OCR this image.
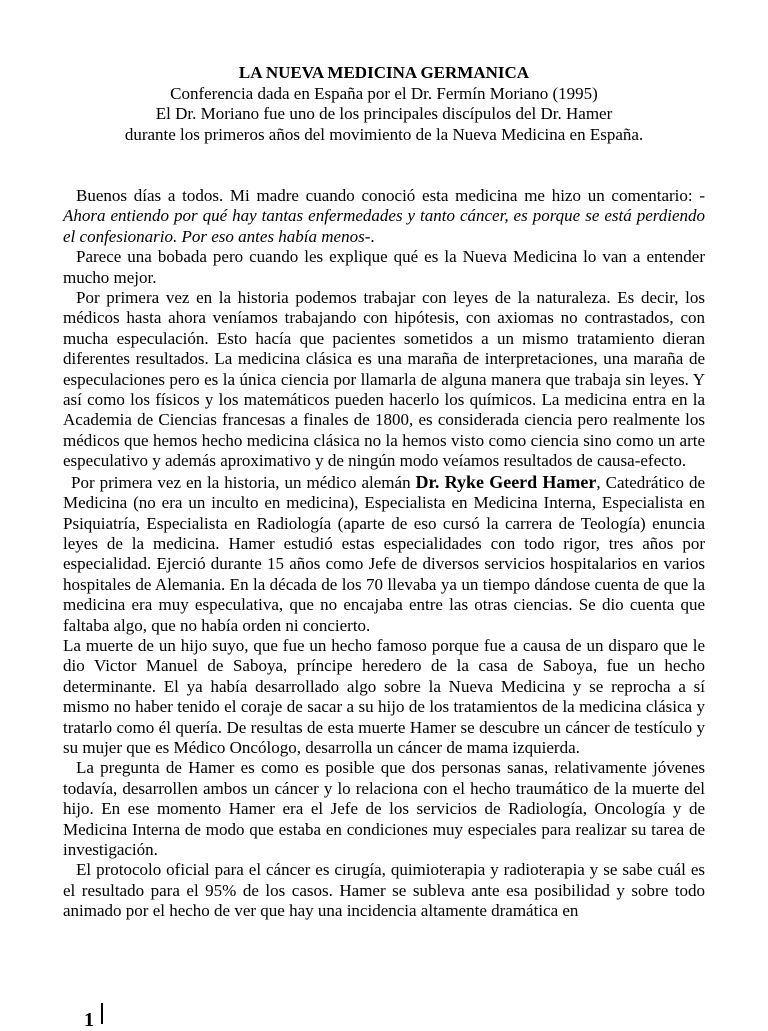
LA NUEVA MEDICINA GERMANICA
Conferencia dada en España por el Dr. Fermín Moriano (1995)
El Dr. Moriano fue uno de los principales discípulos del Dr. Hamer
durante los primeros años del movimiento de la Nueva Medicina en España.

Buenos días a todos. Mi madre cuando conoció esta medicina me hizo un comentario: -Ahora entiendo por qué hay tantas enfermedades y tanto cáncer, es porque se está perdiendo el confesionario. Por eso antes había menos-.

Parece una bobada pero cuando les explique qué es la Nueva Medicina lo van a entender mucho mejor.

Por primera vez en la historia podemos trabajar con leyes de la naturaleza. Es decir, los médicos hasta ahora veníamos trabajando con hipótesis, con axiomas no contrastados, con mucha especulación. Esto hacía que pacientes sometidos a un mismo tratamiento dieran diferentes resultados. La medicina clásica es una maraña de interpretaciones, una maraña de especulaciones pero es la única ciencia por llamarla de alguna manera que trabaja sin leyes. Y así como los físicos y los matemáticos pueden hacerlo los químicos. La medicina entra en la Academia de Ciencias francesas a finales de 1800, es considerada ciencia pero realmente los médicos que hemos hecho medicina clásica no la hemos visto como ciencia sino como un arte especulativo y además aproximativo y de ningún modo veíamos resultados de causa-efecto.

Por primera vez en la historia, un médico alemán Dr. Ryke Geerd Hamer, Catedrático de Medicina (no era un inculto en medicina), Especialista en Medicina Interna, Especialista en Psiquiatría, Especialista en Radiología (aparte de eso cursó la carrera de Teología) enuncia leyes de la medicina. Hamer estudió estas especialidades con todo rigor, tres años por especialidad. Ejerció durante 15 años como Jefe de diversos servicios hospitalarios en varios hospitales de Alemania. En la década de los 70 llevaba ya un tiempo dándose cuenta de que la medicina era muy especulativa, que no encajaba entre las otras ciencias. Se dio cuenta que faltaba algo, que no había orden ni concierto.

La muerte de un hijo suyo, que fue un hecho famoso porque fue a causa de un disparo que le dio Victor Manuel de Saboya, príncipe heredero de la casa de Saboya, fue un hecho determinante. El ya había desarrollado algo sobre la Nueva Medicina y se reprocha a sí mismo no haber tenido el coraje de sacar a su hijo de los tratamientos de la medicina clásica y tratarlo como él quería. De resultas de esta muerte Hamer se descubre un cáncer de testículo y su mujer que es Médico Oncólogo, desarrolla un cáncer de mama izquierda.

La pregunta de Hamer es como es posible que dos personas sanas, relativamente jóvenes todavía, desarrollen ambos un cáncer y lo relaciona con el hecho traumático de la muerte del hijo. En ese momento Hamer era el Jefe de los servicios de Radiología, Oncología y de Medicina Interna de modo que estaba en condiciones muy especiales para realizar su tarea de investigación.

El protocolo oficial para el cáncer es cirugía, quimioterapia y radioterapia y se sabe cuál es el resultado para el 95% de los casos. Hamer se subleva ante esa posibilidad y sobre todo animado por el hecho de ver que hay una incidencia altamente dramática en

1
